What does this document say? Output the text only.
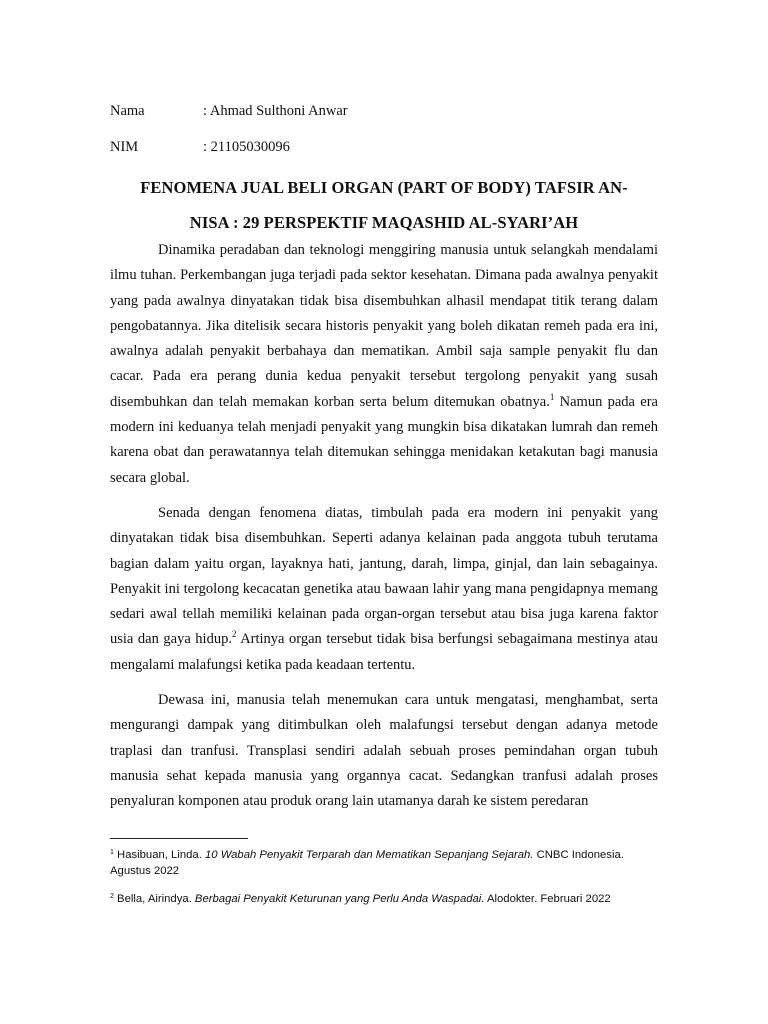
Nama	: Ahmad Sulthoni Anwar
NIM	: 21105030096
FENOMENA JUAL BELI ORGAN (PART OF BODY) TAFSIR AN-
NISA : 29 PERSPEKTIF MAQASHID AL-SYARI’AH

Dinamika peradaban dan teknologi menggiring manusia untuk selangkah mendalami ilmu tuhan. Perkembangan juga terjadi pada sektor kesehatan. Dimana pada awalnya penyakit yang pada awalnya dinyatakan tidak bisa disembuhkan alhasil mendapat titik terang dalam pengobatannya. Jika ditelisik secara historis penyakit yang boleh dikatan remeh pada era ini, awalnya adalah penyakit berbahaya dan mematikan. Ambil saja sample penyakit flu dan cacar. Pada era perang dunia kedua penyakit tersebut tergolong penyakit yang susah disembuhkan dan telah memakan korban serta belum ditemukan obatnya.$^1$ Namun pada era modern ini keduanya telah menjadi penyakit yang mungkin bisa dikatakan lumrah dan remeh karena obat dan perawatannya telah ditemukan sehingga menidakan ketakutan bagi manusia secara global.

Senada dengan fenomena diatas, timbulah pada era modern ini penyakit yang dinyatakan tidak bisa disembuhkan. Seperti adanya kelainan pada anggota tubuh terutama bagian dalam yaitu organ, layaknya hati, jantung, darah, limpa, ginjal, dan lain sebagainya. Penyakit ini tergolong kecacatan genetika atau bawaan lahir yang mana pengidapnya memang sedari awal tellah memiliki kelainan pada organ-organ tersebut atau bisa juga karena faktor usia dan gaya hidup.$^2$ Artinya organ tersebut tidak bisa berfungsi sebagaimana mestinya atau mengalami malafungsi ketika pada keadaan tertentu.

Dewasa ini, manusia telah menemukan cara untuk mengatasi, menghambat, serta mengurangi dampak yang ditimbulkan oleh malafungsi tersebut dengan adanya metode traplasi dan tranfusi. Transplasi sendiri adalah sebuah proses pemindahan organ tubuh manusia sehat kepada manusia yang organnya cacat. Sedangkan tranfusi adalah proses penyaluran komponen atau produk orang lain utamanya darah ke sistem peredaran

$^1$ Hasibuan, Linda. 10 Wabah Penyakit Terparah dan Mematikan Sepanjang Sejarah. CNBC Indonesia. Agustus 2022
$^2$ Bella, Airindya. Berbagai Penyakit Keturunan yang Perlu Anda Waspadai. Alodokter. Februari 2022
